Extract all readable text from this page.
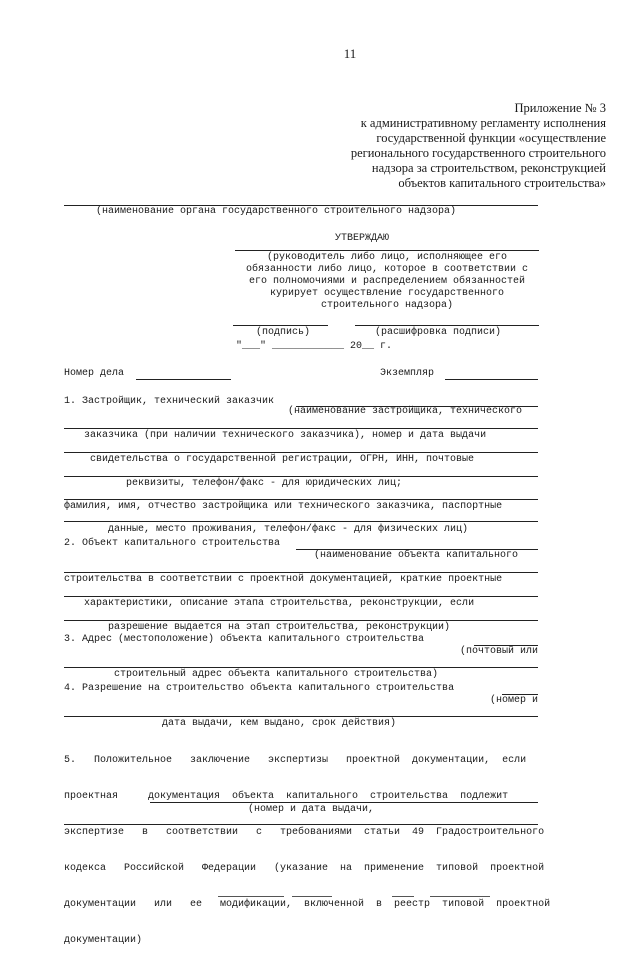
11
Приложение № 3
к административному регламенту исполнения
государственной функции «осуществление
регионального государственного строительного
надзора за строительством, реконструкцией
объектов капитального строительства»
(наименование органа государственного строительного надзора)
УТВЕРЖДАЮ
(руководитель либо лицо, исполняющее его
обязанности либо лицо, которое в соответствии с
его полномочиями и распределением обязанностей
курирует осуществление государственного
строительного надзора)
(подпись)	(расшифровка подписи)
"___" ____________ 20__ г.
Номер дела	Экземпляр
1. Застройщик, технический заказчик
(наименование застройщика, технического
заказчика (при наличии технического заказчика), номер и дата выдачи
свидетельства о государственной регистрации, ОГРН, ИНН, почтовые
реквизиты, телефон/факс - для юридических лиц;
фамилия, имя, отчество застройщика или технического заказчика, паспортные
данные, место проживания, телефон/факс - для физических лиц)
2. Объект капитального строительства
(наименование объекта капитального
строительства в соответствии с проектной документацией, краткие проектные
характеристики, описание этапа строительства, реконструкции, если
разрешение выдается на этап строительства, реконструкции)
3. Адрес (местоположение) объекта капитального строительства
(почтовый или
строительный адрес объекта капитального строительства)
4. Разрешение на строительство объекта капитального строительства
(номер и
дата выдачи, кем выдано, срок действия)

5.   Положительное   заключение   экспертизы   проектной  документации,  если

проектная     документация  объекта  капитального  строительства  подлежит

экспертизе   в   соответствии   с   требованиями  статьи  49  Градостроительного

кодекса   Российской   Федерации   (указание  на  применение  типовой  проектной

документации   или   ее   модификации,  включенной  в  реестр  типовой  проектной

документации)

(номер и дата выдачи,
